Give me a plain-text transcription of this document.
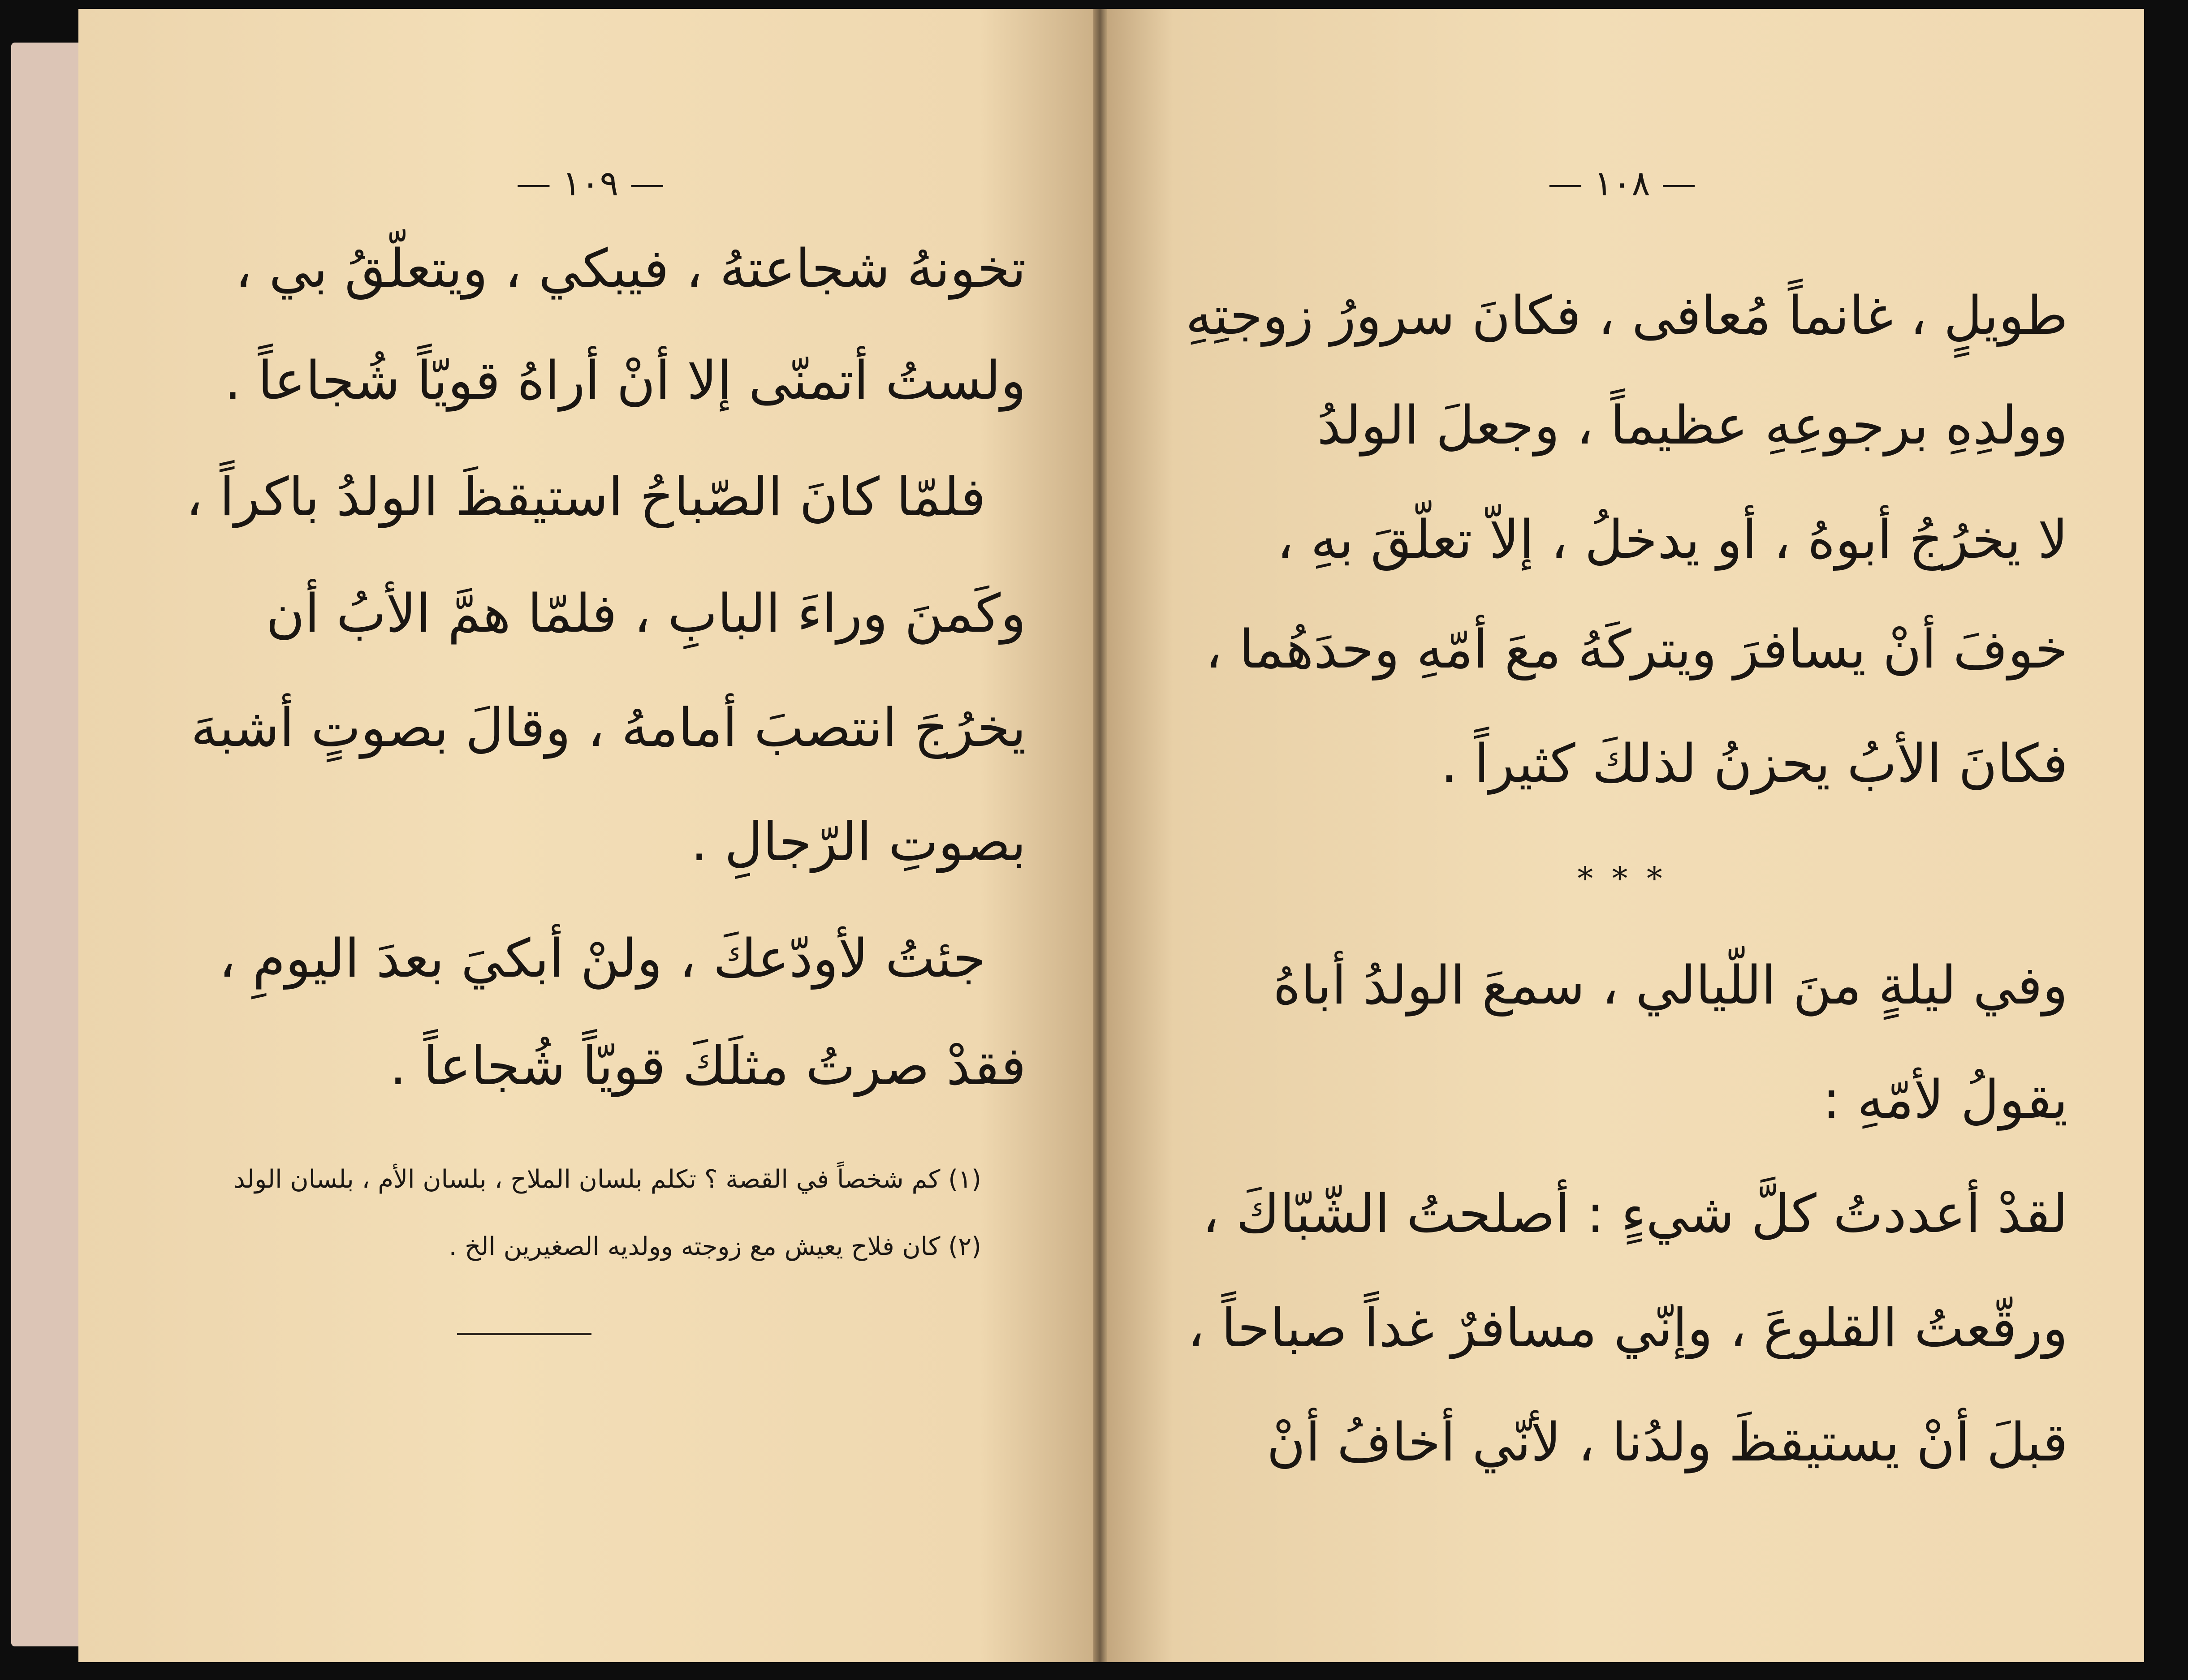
— ١٠٩ —
تخونهُ شجاعتهُ ، فيبكي ، ويتعلّقُ بي ،
ولستُ أتمنّى إلا أنْ أراهُ قويّاً شُجاعاً .
فلمّا كانَ الصّباحُ استيقظَ الولدُ باكراً ،
وكَمنَ وراءَ البابِ ، فلمّا همَّ الأبُ أن
يخرُجَ انتصبَ أمامهُ ، وقالَ بصوتٍ أشبهَ
بصوتِ الرّجالِ .
جئتُ لأودّعكَ ، ولنْ أبكيَ بعدَ اليومِ ،
فقدْ صرتُ مثلَكَ قويّاً شُجاعاً .
(١) كم شخصاً في القصة ؟ تكلم بلسان الملاح ، بلسان الأم ، بلسان الولد
(٢) كان فلاح يعيش مع زوجته وولديه الصغيرين الخ .
— ١٠٨ —
طويلٍ ، غانماً مُعافى ، فكانَ سرورُ زوجتِهِ
وولدِهِ برجوعِهِ عظيماً ، وجعلَ الولدُ
لا يخرُجُ أبوهُ ، أو يدخلُ ، إلاّ تعلّقَ بهِ ،
خوفَ أنْ يسافرَ ويتركَهُ معَ أمّهِ وحدَهُما ،
فكانَ الأبُ يحزنُ لذلكَ كثيراً .
* * *
وفي ليلةٍ منَ اللّيالي ، سمعَ الولدُ أباهُ
يقولُ لأمّهِ :
لقدْ أعددتُ كلَّ شيءٍ : أصلحتُ الشّبّاكَ ،
ورقّعتُ القلوعَ ، وإنّي مسافرٌ غداً صباحاً ،
قبلَ أنْ يستيقظَ ولدُنا ، لأنّي أخافُ أنْ
